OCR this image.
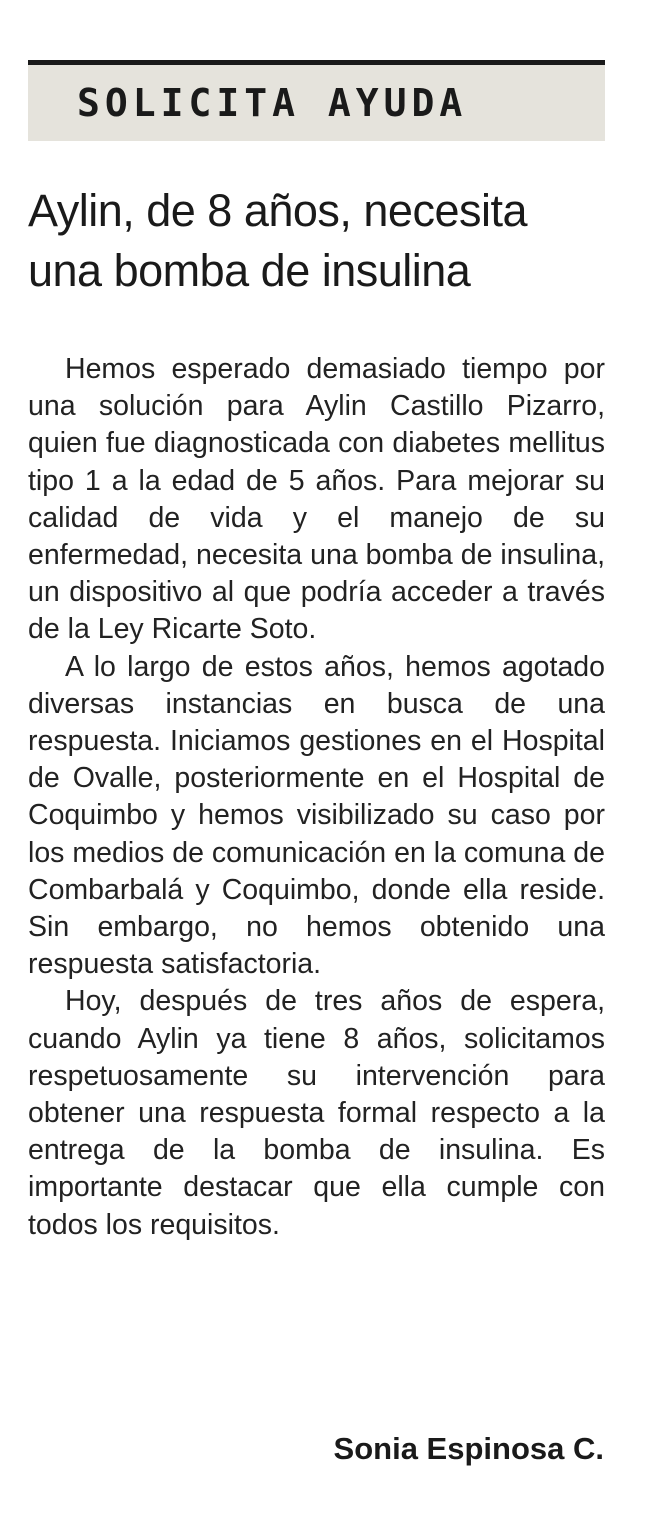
SOLICITA AYUDA
Aylin, de 8 años, necesita
una bomba de insulina

Hemos esperado demasiado tiempo por una solución para Aylin Castillo Pizarro, quien fue diagnosticada con diabetes mellitus tipo 1 a la edad de 5 años. Para mejorar su calidad de vida y el manejo de su enfermedad, necesita una bomba de insulina, un dispositivo al que podría acceder a través de la Ley Ricarte Soto.

A lo largo de estos años, hemos agotado diversas instancias en busca de una respuesta. Iniciamos gestiones en el Hospital de Ovalle, posteriormente en el Hospital de Coquimbo y hemos visibilizado su caso por los medios de comunicación en la comuna de Combarbalá y Coquimbo, donde ella reside. Sin embargo, no hemos obtenido una respuesta satisfactoria.

Hoy, después de tres años de espera, cuando Aylin ya tiene 8 años, solicitamos respetuosamente su intervención para obtener una respuesta formal respecto a la entrega de la bomba de insulina. Es importante destacar que ella cumple con todos los requisitos.

Sonia Espinosa C.
